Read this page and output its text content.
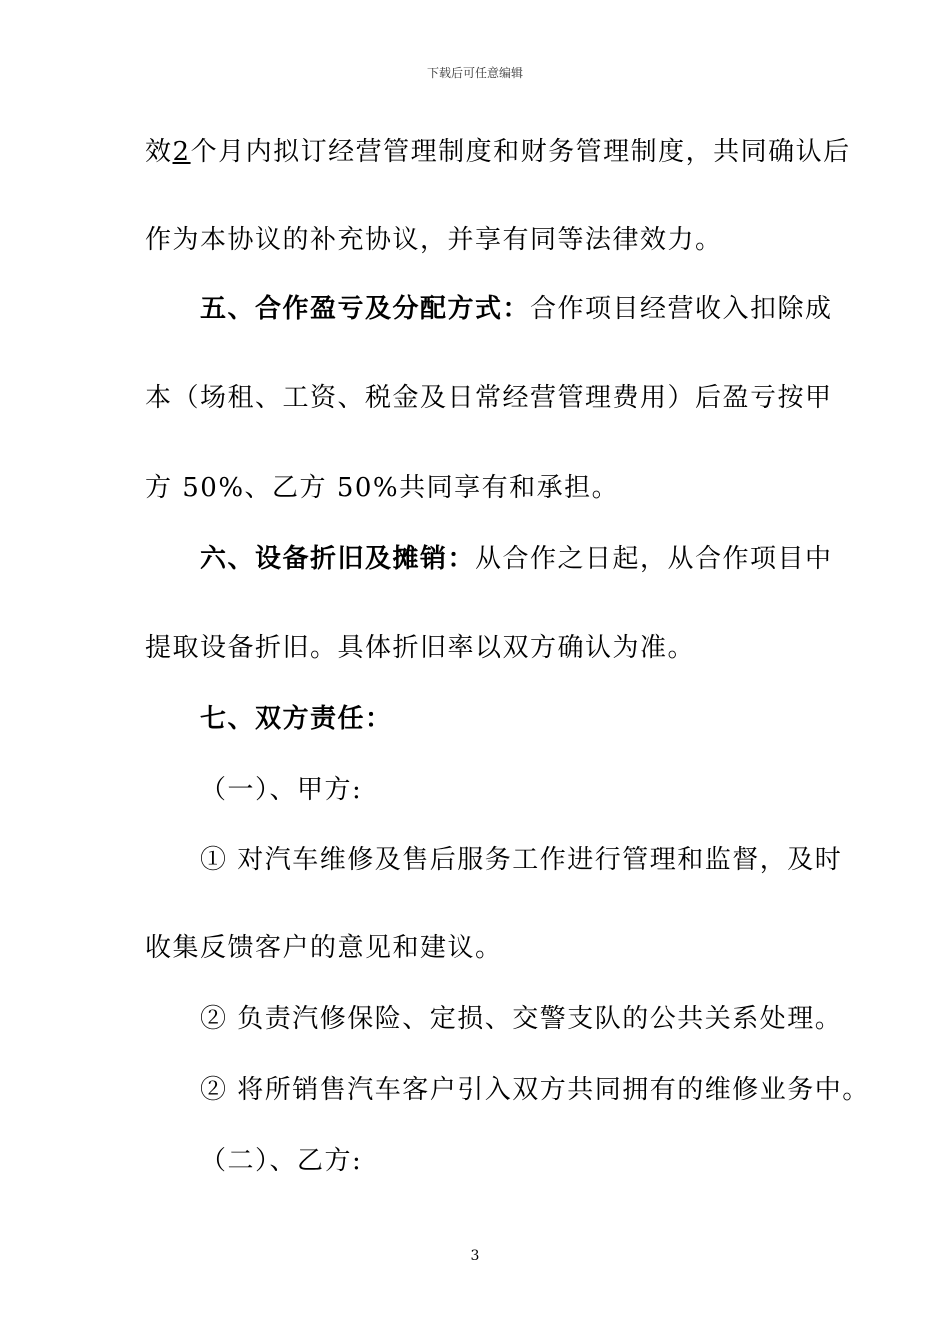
下载后可任意编辑
效2个月内拟订经营管理制度和财务管理制度，共同确认后
作为本协议的补充协议，并享有同等法律效力。
五、合作盈亏及分配方式：合作项目经营收入扣除成
本（场租、工资、税金及日常经营管理费用）后盈亏按甲
方 50%、乙方 50%共同享有和承担。
六、设备折旧及摊销：从合作之日起，从合作项目中
提取设备折旧。具体折旧率以双方确认为准。
七、双方责任：
（一）、甲方:
① 对汽车维修及售后服务工作进行管理和监督，及时
收集反馈客户的意见和建议。
② 负责汽修保险、定损、交警支队的公共关系处理。
② 将所销售汽车客户引入双方共同拥有的维修业务中。
（二）、乙方:
3
